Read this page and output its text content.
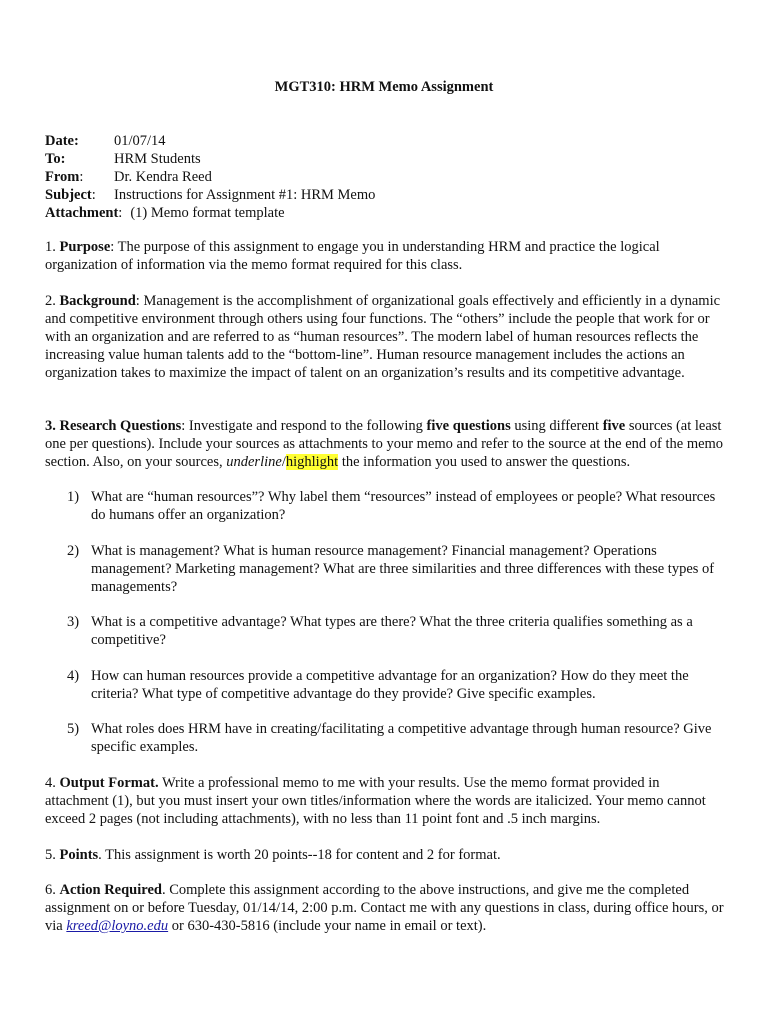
MGT310: HRM Memo Assignment
Date: 01/07/14
To:	HRM Students
From: Dr. Kendra Reed
Subject: Instructions for Assignment #1: HRM Memo
Attachment: (1) Memo format template
1. Purpose: The purpose of this assignment to engage you in understanding HRM and practice the logical organization of information via the memo format required for this class.
2. Background: Management is the accomplishment of organizational goals effectively and efficiently in a dynamic and competitive environment through others using four functions. The “others” include the people that work for or with an organization and are referred to as “human resources”. The modern label of human resources reflects the increasing value human talents add to the “bottom-line”. Human resource management includes the actions an organization takes to maximize the impact of talent on an organization’s results and its competitive advantage.
3. Research Questions: Investigate and respond to the following five questions using different five sources (at least one per questions). Include your sources as attachments to your memo and refer to the source at the end of the memo section. Also, on your sources, underline/highlight the information you used to answer the questions.
1) What are “human resources”? Why label them “resources” instead of employees or people? What resources do humans offer an organization?
2) What is management? What is human resource management? Financial management? Operations management? Marketing management? What are three similarities and three differences with these types of managements?
3) What is a competitive advantage? What types are there? What the three criteria qualifies something as a competitive?
4) How can human resources provide a competitive advantage for an organization? How do they meet the criteria? What type of competitive advantage do they provide? Give specific examples.
5) What roles does HRM have in creating/facilitating a competitive advantage through human resource? Give specific examples.
4. Output Format. Write a professional memo to me with your results. Use the memo format provided in attachment (1), but you must insert your own titles/information where the words are italicized. Your memo cannot exceed 2 pages (not including attachments), with no less than 11 point font and .5 inch margins.
5. Points. This assignment is worth 20 points--18 for content and 2 for format.
6. Action Required. Complete this assignment according to the above instructions, and give me the completed assignment on or before Tuesday, 01/14/14, 2:00 p.m. Contact me with any questions in class, during office hours, or via kreed@loyno.edu or 630-430-5816 (include your name in email or text).
